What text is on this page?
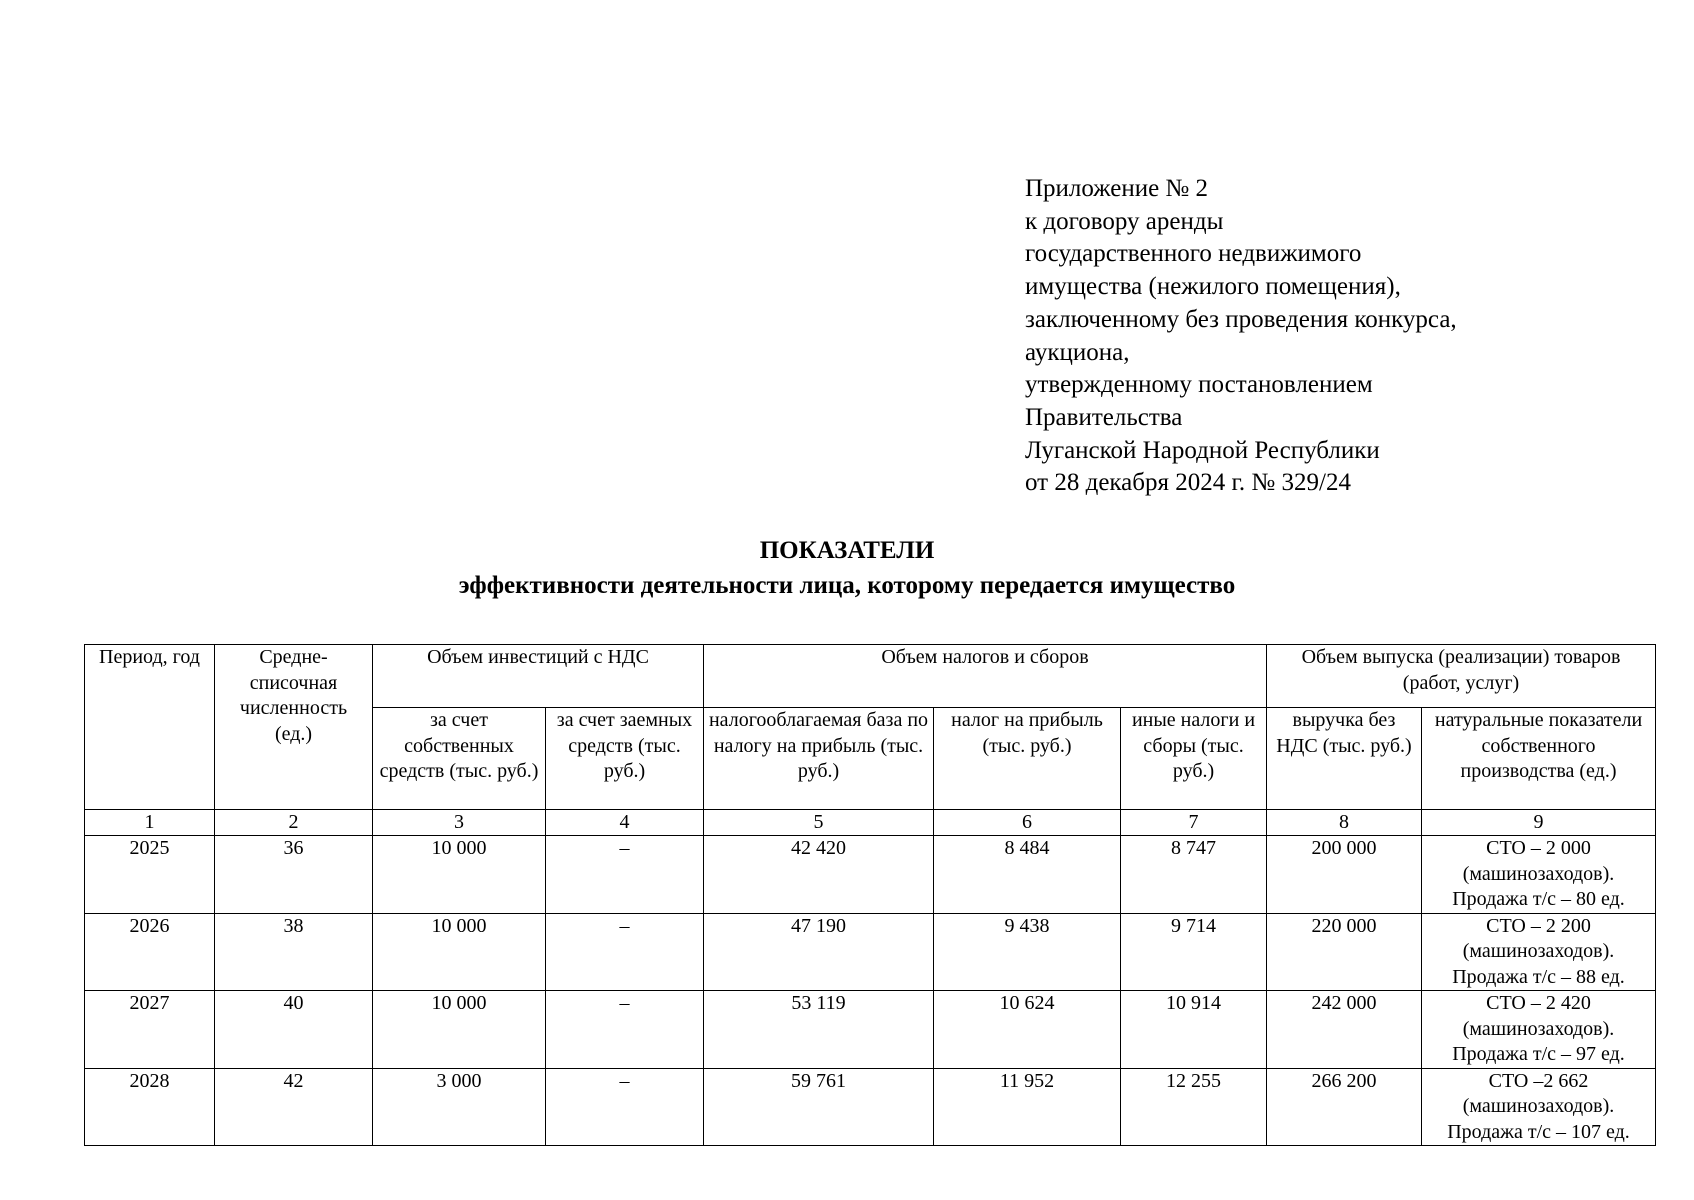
Приложение № 2
к договору аренды
государственного недвижимого
имущества (нежилого помещения),
заключенному без проведения конкурса,
аукциона,
утвержденному постановлением
Правительства
Луганской Народной Республики
от 28 декабря 2024 г. № 329/24
ПОКАЗАТЕЛИ
эффективности деятельности лица, которому передается имущество
Период, год	Средне-списочная численность (ед.)	Объем инвестиций с НДС		Объем налогов и сборов			Объем выпуска (реализации) товаров (работ, услуг)	
		за счет собственных средств (тыс. руб.)	за счет заемных средств (тыс. руб.)	налогооблагаемая база по налогу на прибыль (тыс. руб.)	налог на прибыль (тыс. руб.)	иные налоги и сборы (тыс. руб.)	выручка без НДС (тыс. руб.)	натуральные показатели собственного производства (ед.)
1	2	3	4	5	6	7	8	9
2025	36	10 000	–	42 420	8 484	8 747	200 000	СТО – 2 000
(машинозаходов).
Продажа т/с – 80 ед.

2026	38	10 000	–	47 190	9 438	9 714	220 000	СТО – 2 200
(машинозаходов).
Продажа т/с – 88 ед.

2027	40	10 000	–	53 119	10 624	10 914	242 000	СТО – 2 420
(машинозаходов).
Продажа т/с – 97 ед.

2028	42	3 000	–	59 761	11 952	12 255	266 200	СТО –2 662
(машинозаходов).
Продажа т/с – 107 ед.
